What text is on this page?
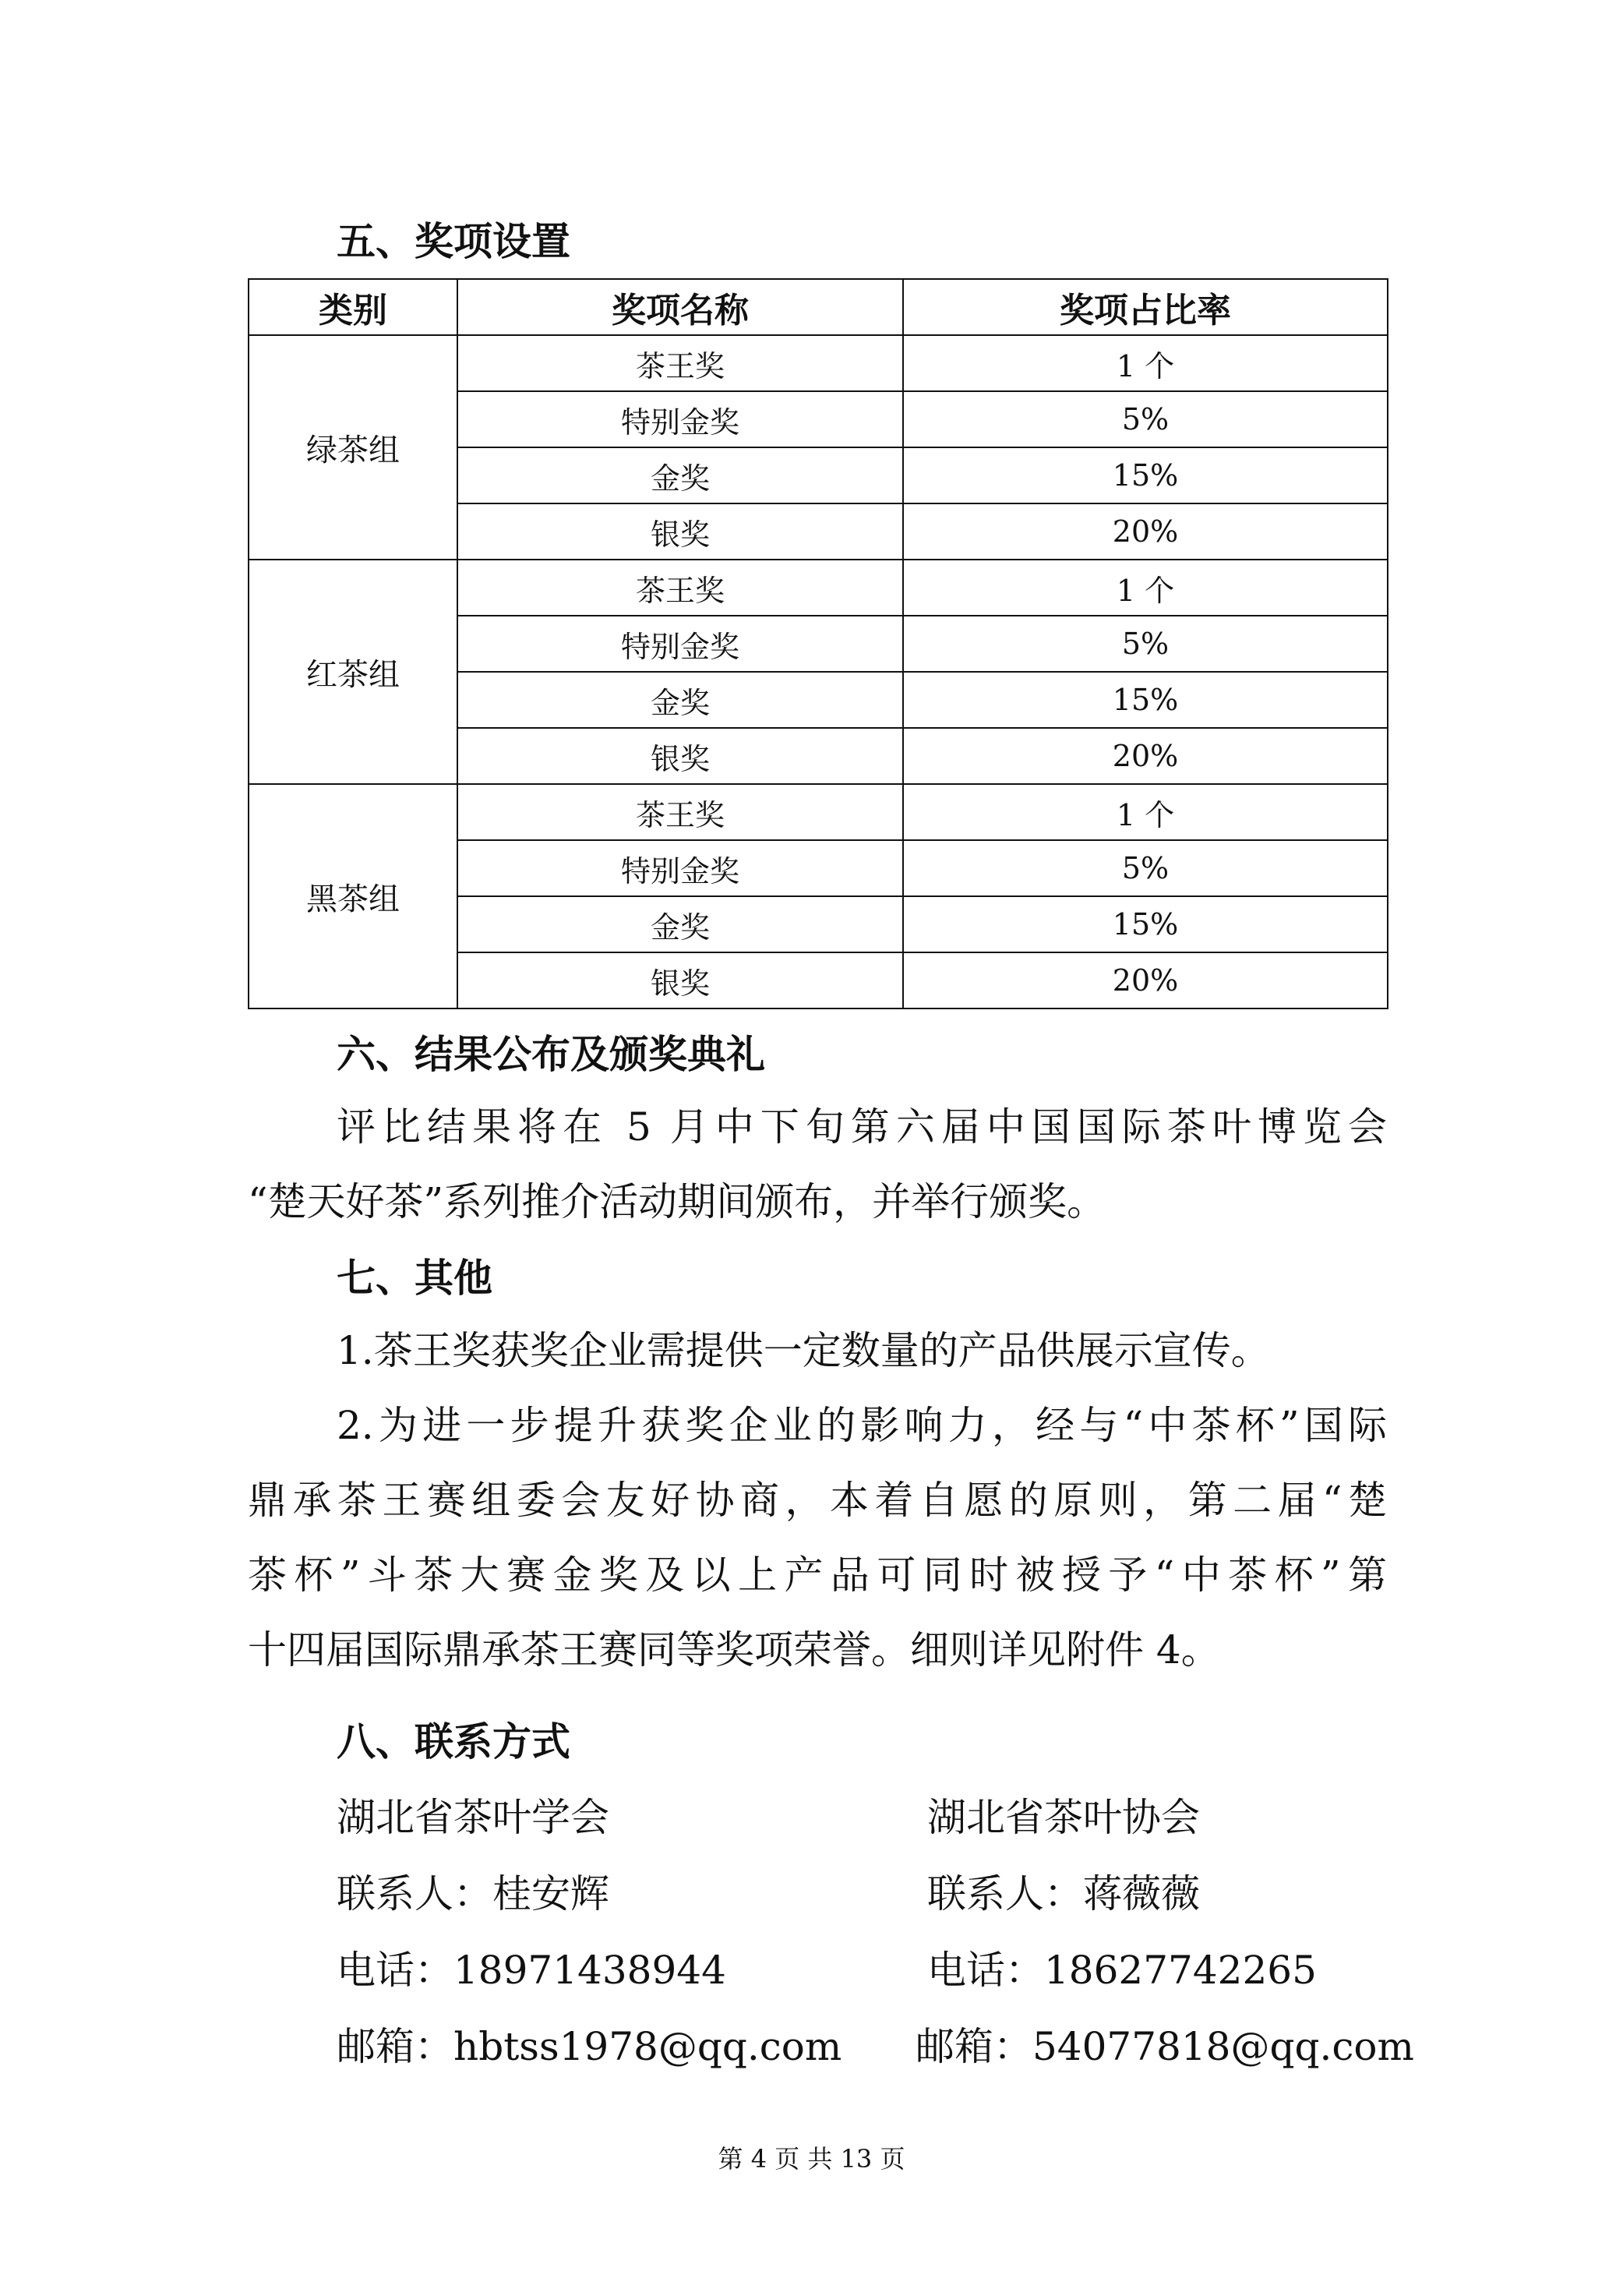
五、奖项设置
类别	奖项名称	奖项占比率
绿茶组	茶王奖	1 个
	特别金奖	5%
	金奖	15%
	银奖	20%
红茶组	茶王奖	1 个
	特别金奖	5%
	金奖	15%
	银奖	20%
黑茶组	茶王奖	1 个
	特别金奖	5%
	金奖	15%
	银奖	20%
六、结果公布及颁奖典礼
评比结果将在 5 月中下旬第六届中国国际茶叶博览会
“楚天好茶”系列推介活动期间颁布，并举行颁奖。
七、其他
1.茶王奖获奖企业需提供一定数量的产品供展示宣传。
2.为进一步提升获奖企业的影响力，经与“中茶杯”国际
鼎承茶王赛组委会友好协商，本着自愿的原则，第二届“楚
茶杯”斗茶大赛金奖及以上产品可同时被授予“中茶杯”第
十四届国际鼎承茶王赛同等奖项荣誉。细则详见附件 4。
八、联系方式
湖北省茶叶学会
联系人：桂安辉
电话：18971438944
邮箱：hbtss1978@qq.com
湖北省茶叶协会
联系人：蒋薇薇
电话：18627742265
邮箱：54077818@qq.com
第 4 页 共 13 页
